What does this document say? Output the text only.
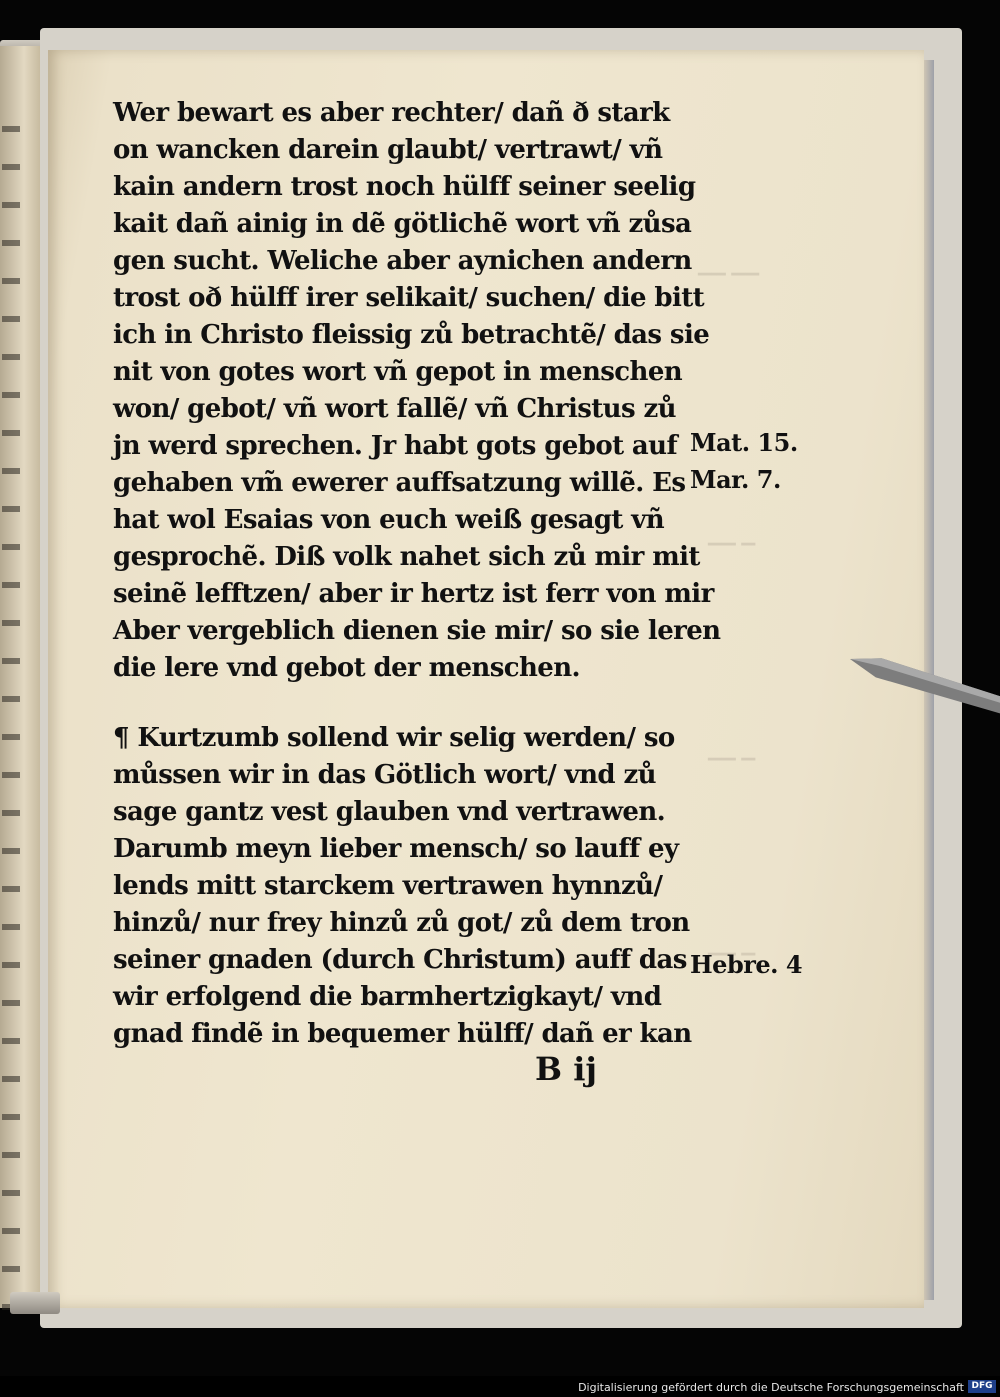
▁▁ ▁▁
▁▁ ▁
▁▁ ▁
▁▁ ▁
Wer bewart es aber rechter/ dañ ð stark
on wancken darein glaubt/ vertrawt/ vñ
kain andern trost noch hülff seiner seelig
kait dañ ainig in dẽ götlichẽ wort vñ zůsa
gen sucht. Weliche aber aynichen andern
trost oð hülff irer selikait/ suchen/ die bitt
ich in Christo fleissig zů betrachtẽ/ das sie
nit von gotes wort vñ gepot in menschen
won/ gebot/ vñ wort fallẽ/ vñ Christus zů
jn werd sprechen. Jr habt gots gebot auf
gehaben vm̃ ewerer auffsatzung willẽ. Es
hat wol Esaias von euch weiß gesagt vñ
gesprochẽ. Diß volk nahet sich zů mir mit
seinẽ lefftzen/ aber ir hertz ist ferr von mir
Aber vergeblich dienen sie mir/ so sie leren
die lere vnd gebot der menschen.
¶ Kurtzumb sollend wir selig werden/ so
můssen wir in das Götlich wort/ vnd zů
sage gantz vest glauben vnd vertrawen.
Darumb meyn lieber mensch/ so lauff ey
lends mitt starckem vertrawen hynnzů/
hinzů/ nur frey hinzů zů got/ zů dem tron
seiner gnaden (durch Christum) auff das
wir erfolgend die barmhertzigkayt/ vnd
gnad findẽ in bequemer hülff/ dañ er kan
Mat. 15.
Mar. 7.
Hebre. 4
B ij
Digitalisierung gefördert durch die Deutsche Forschungsgemeinschaft DFG
